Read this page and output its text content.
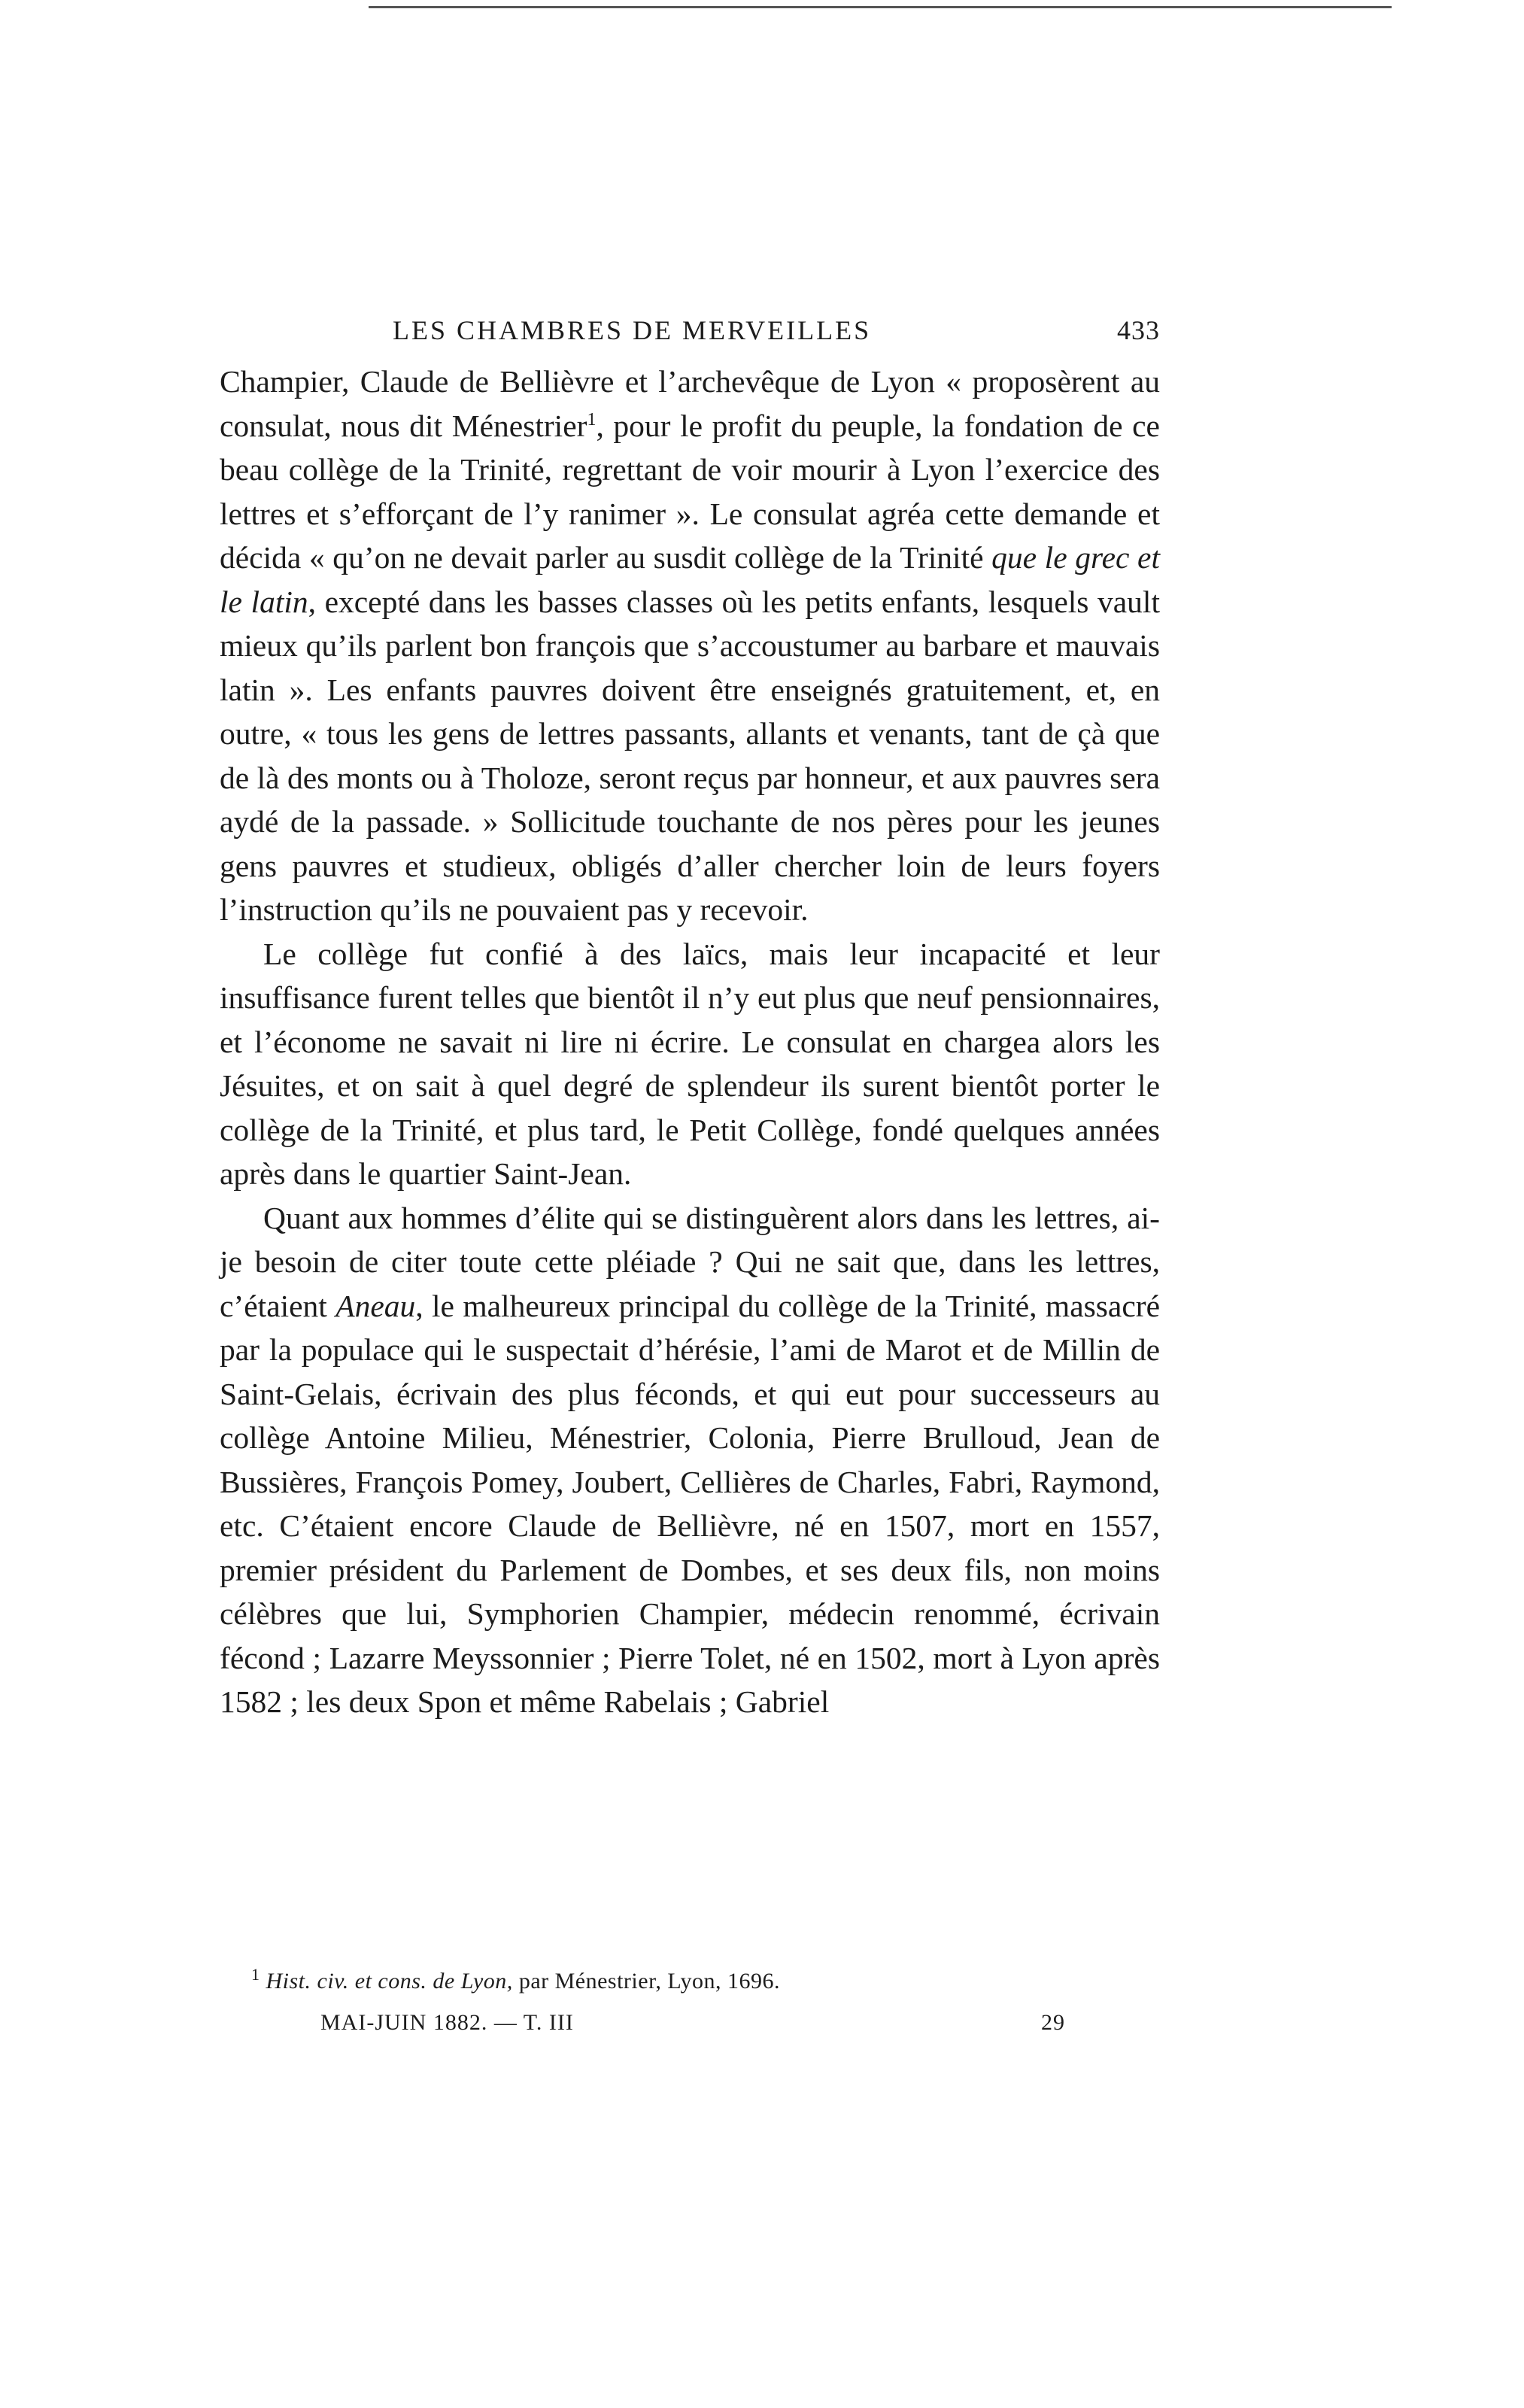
LES CHAMBRES DE MERVEILLES	433

Champier, Claude de Bellièvre et l’archevêque de Lyon « proposèrent au consulat, nous dit Ménestrier$^1$, pour le profit du peuple, la fondation de ce beau collège de la Trinité, regrettant de voir mourir à Lyon l’exercice des lettres et s’efforçant de l’y ranimer ». Le consulat agréa cette demande et décida « qu’on ne devait parler au susdit collège de la Trinité que le grec et le latin, excepté dans les basses classes où les petits enfants, lesquels vault mieux qu’ils parlent bon françois que s’accoustumer au barbare et mauvais latin ». Les enfants pauvres doivent être enseignés gratuitement, et, en outre, « tous les gens de lettres passants, allants et venants, tant de çà que de là des monts ou à Tholoze, seront reçus par honneur, et aux pauvres sera aydé de la passade. » Sollicitude touchante de nos pères pour les jeunes gens pauvres et studieux, obligés d’aller chercher loin de leurs foyers l’instruction qu’ils ne pouvaient pas y recevoir.

Le collège fut confié à des laïcs, mais leur incapacité et leur insuffisance furent telles que bientôt il n’y eut plus que neuf pensionnaires, et l’économe ne savait ni lire ni écrire. Le consulat en chargea alors les Jésuites, et on sait à quel degré de splendeur ils surent bientôt porter le collège de la Trinité, et plus tard, le Petit Collège, fondé quelques années après dans le quartier Saint-Jean.

Quant aux hommes d’élite qui se distinguèrent alors dans les lettres, ai-je besoin de citer toute cette pléiade ? Qui ne sait que, dans les lettres, c’étaient Aneau, le malheureux principal du collège de la Trinité, massacré par la populace qui le suspectait d’hérésie, l’ami de Marot et de Millin de Saint-Gelais, écrivain des plus féconds, et qui eut pour successeurs au collège Antoine Milieu, Ménestrier, Colonia, Pierre Brulloud, Jean de Bussières, François Pomey, Joubert, Cellières de Charles, Fabri, Raymond, etc. C’étaient encore Claude de Bellièvre, né en 1507, mort en 1557, premier président du Parlement de Dombes, et ses deux fils, non moins célèbres que lui, Symphorien Champier, médecin renommé, écrivain fécond ; Lazarre Meyssonnier ; Pierre Tolet, né en 1502, mort à Lyon après 1582 ; les deux Spon et même Rabelais ; Gabriel

$^1$ Hist. civ. et cons. de Lyon, par Ménestrier, Lyon, 1696.
MAI-JUIN 1882. — T. III	29
